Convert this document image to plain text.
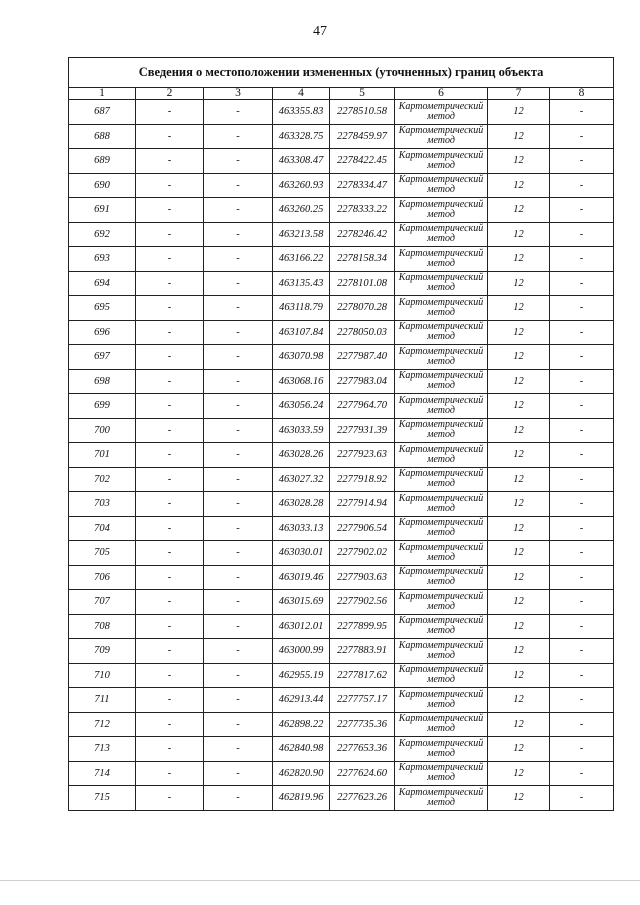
47
Сведения о местоположении измененных (уточненных) границ объекта							
1	2	3	4	5	6	7	8
687	-	-	463355.83	2278510.58	Картометрический метод	12	-
688	-	-	463328.75	2278459.97	Картометрический метод	12	-
689	-	-	463308.47	2278422.45	Картометрический метод	12	-
690	-	-	463260.93	2278334.47	Картометрический метод	12	-
691	-	-	463260.25	2278333.22	Картометрический метод	12	-
692	-	-	463213.58	2278246.42	Картометрический метод	12	-
693	-	-	463166.22	2278158.34	Картометрический метод	12	-
694	-	-	463135.43	2278101.08	Картометрический метод	12	-
695	-	-	463118.79	2278070.28	Картометрический метод	12	-
696	-	-	463107.84	2278050.03	Картометрический метод	12	-
697	-	-	463070.98	2277987.40	Картометрический метод	12	-
698	-	-	463068.16	2277983.04	Картометрический метод	12	-
699	-	-	463056.24	2277964.70	Картометрический метод	12	-
700	-	-	463033.59	2277931.39	Картометрический метод	12	-
701	-	-	463028.26	2277923.63	Картометрический метод	12	-
702	-	-	463027.32	2277918.92	Картометрический метод	12	-
703	-	-	463028.28	2277914.94	Картометрический метод	12	-
704	-	-	463033.13	2277906.54	Картометрический метод	12	-
705	-	-	463030.01	2277902.02	Картометрический метод	12	-
706	-	-	463019.46	2277903.63	Картометрический метод	12	-
707	-	-	463015.69	2277902.56	Картометрический метод	12	-
708	-	-	463012.01	2277899.95	Картометрический метод	12	-
709	-	-	463000.99	2277883.91	Картометрический метод	12	-
710	-	-	462955.19	2277817.62	Картометрический метод	12	-
711	-	-	462913.44	2277757.17	Картометрический метод	12	-
712	-	-	462898.22	2277735.36	Картометрический метод	12	-
713	-	-	462840.98	2277653.36	Картометрический метод	12	-
714	-	-	462820.90	2277624.60	Картометрический метод	12	-
715	-	-	462819.96	2277623.26	Картометрический метод	12	-
